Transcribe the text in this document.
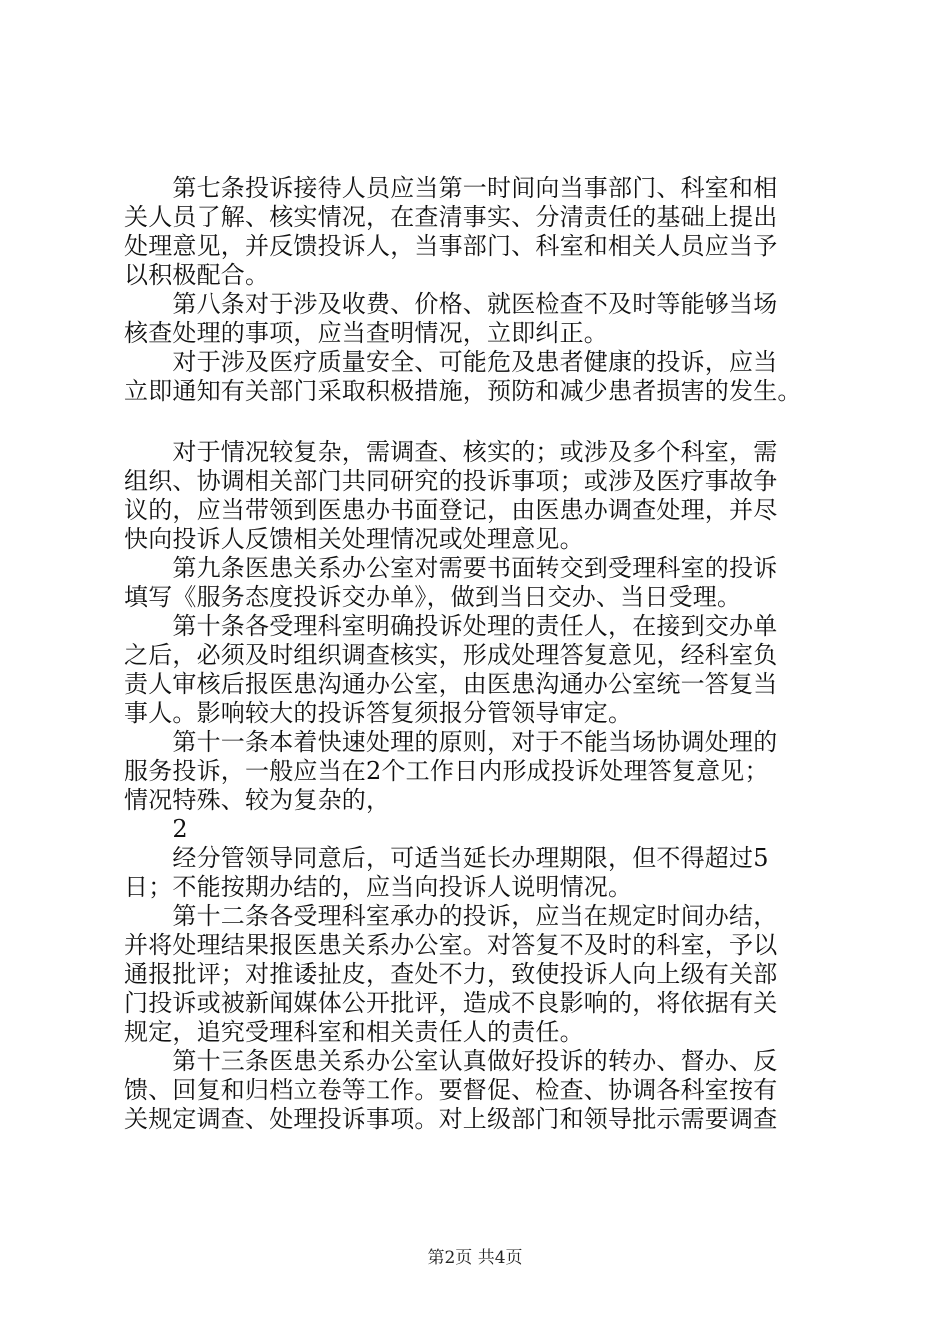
　　第七条投诉接待人员应当第一时间向当事部门、科室和相
关人员了解、核实情况，在查清事实、分清责任的基础上提出
处理意见，并反馈投诉人，当事部门、科室和相关人员应当予
以积极配合。
　　第八条对于涉及收费、价格、就医检查不及时等能够当场
核查处理的事项，应当查明情况，立即纠正。
　　对于涉及医疗质量安全、可能危及患者健康的投诉，应当
立即通知有关部门采取积极措施，预防和减少患者损害的发生。
　　对于情况较复杂，需调查、核实的；或涉及多个科室，需
组织、协调相关部门共同研究的投诉事项；或涉及医疗事故争
议的，应当带领到医患办书面登记，由医患办调查处理，并尽
快向投诉人反馈相关处理情况或处理意见。
　　第九条医患关系办公室对需要书面转交到受理科室的投诉
填写《服务态度投诉交办单》，做到当日交办、当日受理。
　　第十条各受理科室明确投诉处理的责任人，在接到交办单
之后，必须及时组织调查核实，形成处理答复意见，经科室负
责人审核后报医患沟通办公室，由医患沟通办公室统一答复当
事人。影响较大的投诉答复须报分管领导审定。
　　第十一条本着快速处理的原则，对于不能当场协调处理的
服务投诉，一般应当在2个工作日内形成投诉处理答复意见；
情况特殊、较为复杂的，
　　2
　　经分管领导同意后，可适当延长办理期限，但不得超过5
日；不能按期办结的，应当向投诉人说明情况。
　　第十二条各受理科室承办的投诉，应当在规定时间办结，
并将处理结果报医患关系办公室。对答复不及时的科室，予以
通报批评；对推诿扯皮，查处不力，致使投诉人向上级有关部
门投诉或被新闻媒体公开批评，造成不良影响的，将依据有关
规定，追究受理科室和相关责任人的责任。
　　第十三条医患关系办公室认真做好投诉的转办、督办、反
馈、回复和归档立卷等工作。要督促、检查、协调各科室按有
关规定调查、处理投诉事项。对上级部门和领导批示需要调查
第2页 共4页
